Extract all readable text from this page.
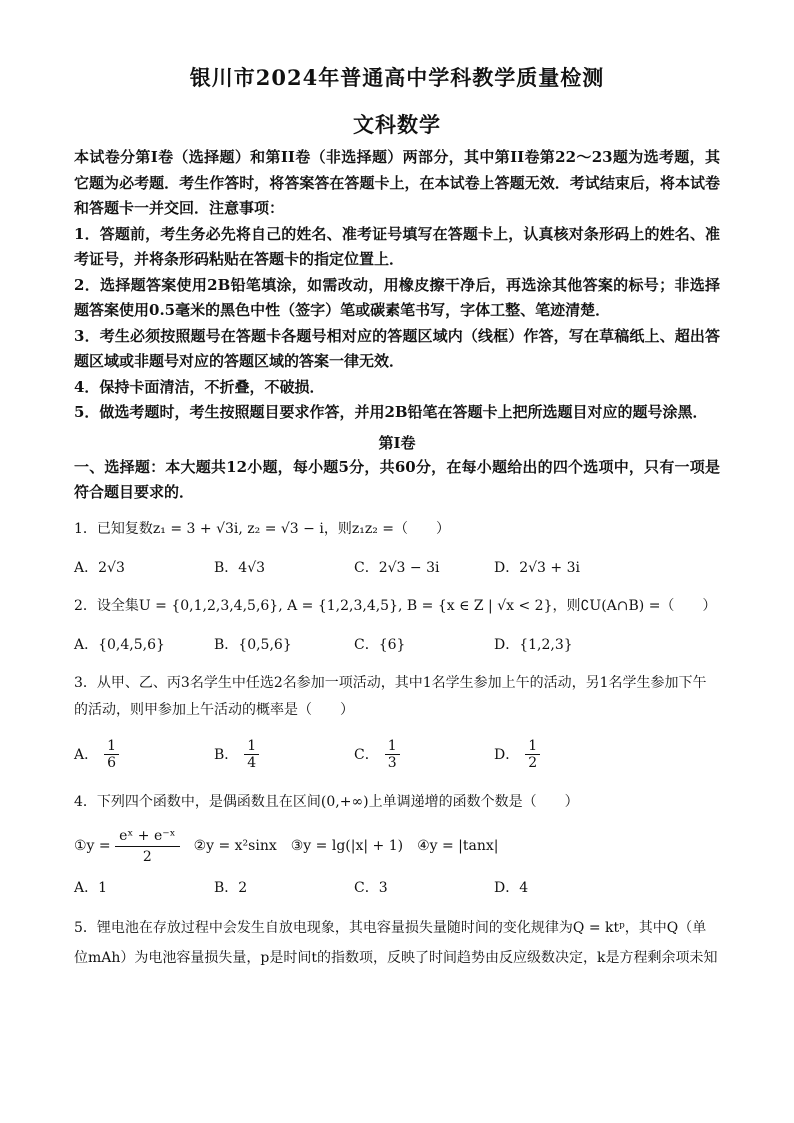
银川市2024年普通高中学科教学质量检测
文科数学

本试卷分第I卷（选择题）和第II卷（非选择题）两部分，其中第II卷第22～23题为选考题，其它题为必考题．考生作答时，将答案答在答题卡上，在本试卷上答题无效．考试结束后，将本试卷和答题卡一并交回．注意事项：

1．答题前，考生务必先将自己的姓名、准考证号填写在答题卡上，认真核对条形码上的姓名、准考证号，并将条形码粘贴在答题卡的指定位置上．

2．选择题答案使用2B铅笔填涂，如需改动，用橡皮擦干净后，再选涂其他答案的标号；非选择题答案使用0.5毫米的黑色中性（签字）笔或碳素笔书写，字体工整、笔迹清楚．

3．考生必须按照题号在答题卡各题号相对应的答题区域内（线框）作答，写在草稿纸上、超出答题区域或非题号对应的答题区域的答案一律无效．

4．保持卡面清洁，不折叠，不破损．

5．做选考题时，考生按照题目要求作答，并用2B铅笔在答题卡上把所选题目对应的题号涂黑．

第I卷

一、选择题：本大题共12小题，每小题5分，共60分，在每小题给出的四个选项中，只有一项是符合题目要求的．

1．已知复数z₁ = 3 + √3i, z₂ = √3 − i，则z₁z₂ =（　　）
A．2√3	B．4√3	C．2√3 − 3i	D．2√3 + 3i
2．设全集U = {0,1,2,3,4,5,6}, A = {1,2,3,4,5}, B = {x ∈ Z | √x < 2}，则∁U(A∩B) =（　　）
A．{0,4,5,6}	B．{0,5,6}	C．{6}	D．{1,2,3}
3．从甲、乙、丙3名学生中任选2名参加一项活动，其中1名学生参加上午的活动，另1名学生参加下午的活动，则甲参加上午活动的概率是（　　）
A． $\frac{1}{6}$	B． $\frac{1}{4}$	C． $\frac{1}{3}$	D． $\frac{1}{2}$
4．下列四个函数中，是偶函数且在区间(0,+∞)上单调递增的函数个数是（　　）
①y =
$\frac{\text{eˣ + e⁻ˣ}}{2}$ ②y = x²sinx ③y = lg(|x| + 1) ④y = |tanx|
A．1	B．2	C．3	D．4
5．锂电池在存放过程中会发生自放电现象，其电容量损失量随时间的变化规律为Q = ktᵖ，其中Q（单位mAh）为电池容量损失量，p是时间t的指数项，反映了时间趋势由反应级数决定，k是方程剩余项未知
